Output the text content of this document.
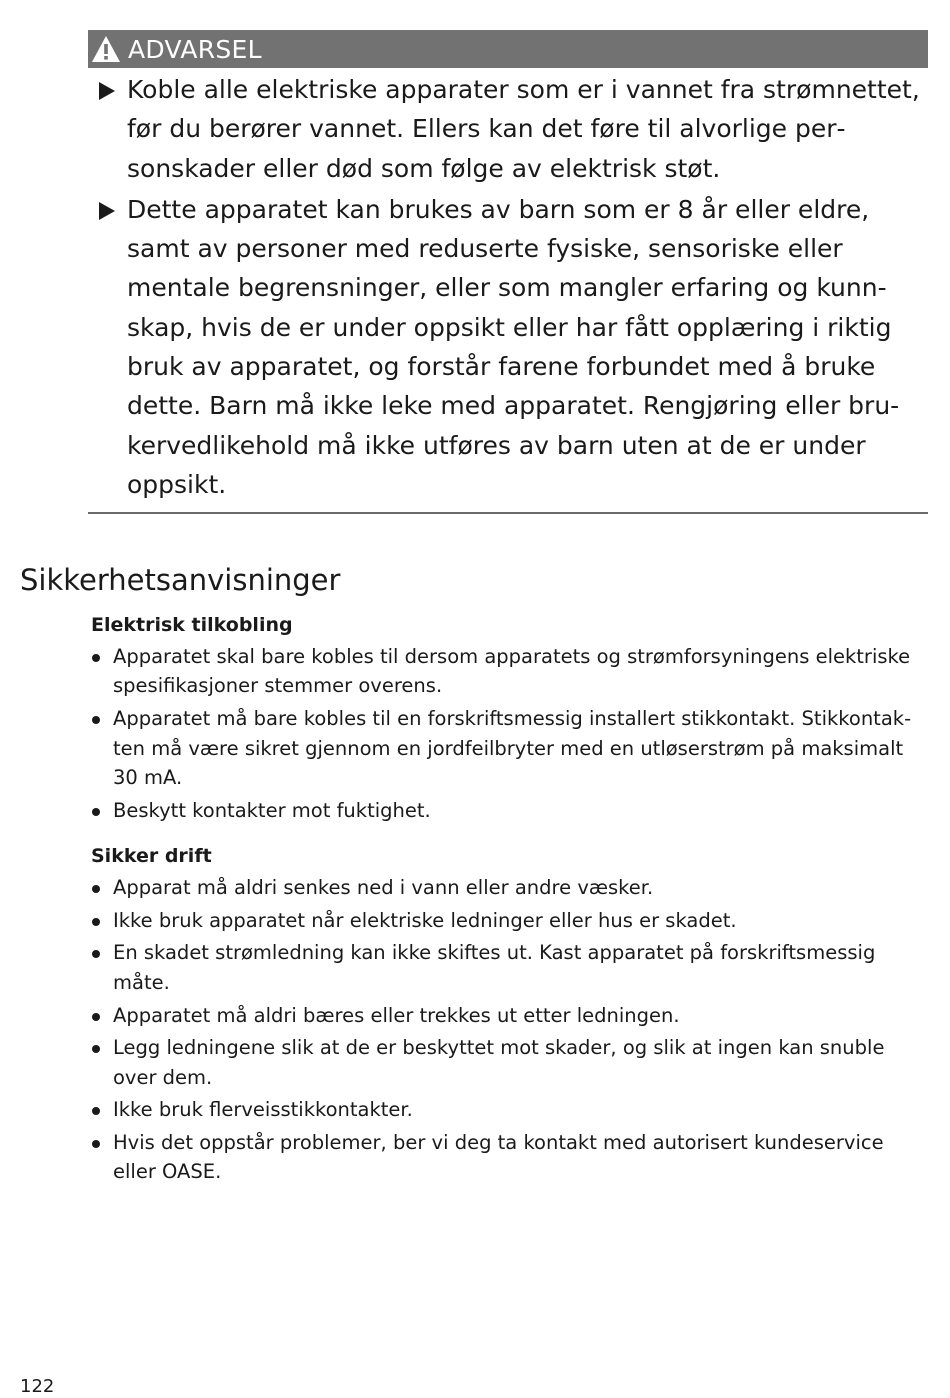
ADVARSEL
Koble alle elektriske apparater som er i vannet fra strømnettet, før du berører vannet. Ellers kan det føre til alvorlige personskader eller død som følge av elektrisk støt.
Dette apparatet kan brukes av barn som er 8 år eller eldre, samt av personer med reduserte fysiske, sensoriske eller mentale begrensninger, eller som mangler erfaring og kunnskap, hvis de er under oppsikt eller har fått opplæring i riktig bruk av apparatet, og forstår farene forbundet med å bruke dette. Barn må ikke leke med apparatet. Rengjøring eller brukervedlikehold må ikke utføres av barn uten at de er under oppsikt.
Sikkerhetsanvisninger
Elektrisk tilkobling
Apparatet skal bare kobles til dersom apparatets og strømforsyningens elektriske spesifikasjoner stemmer overens.
Apparatet må bare kobles til en forskriftsmessig installert stikkontakt. Stikkontakten må være sikret gjennom en jordfeilbryter med en utløserstrøm på maksimalt 30 mA.
Beskytt kontakter mot fuktighet.
Sikker drift
Apparat må aldri senkes ned i vann eller andre væsker.
Ikke bruk apparatet når elektriske ledninger eller hus er skadet.
En skadet strømledning kan ikke skiftes ut. Kast apparatet på forskriftsmessig måte.
Apparatet må aldri bæres eller trekkes ut etter ledningen.
Legg ledningene slik at de er beskyttet mot skader, og slik at ingen kan snuble over dem.
Ikke bruk flerveisstikkontakter.
Hvis det oppstår problemer, ber vi deg ta kontakt med autorisert kundeservice eller OASE.
122
